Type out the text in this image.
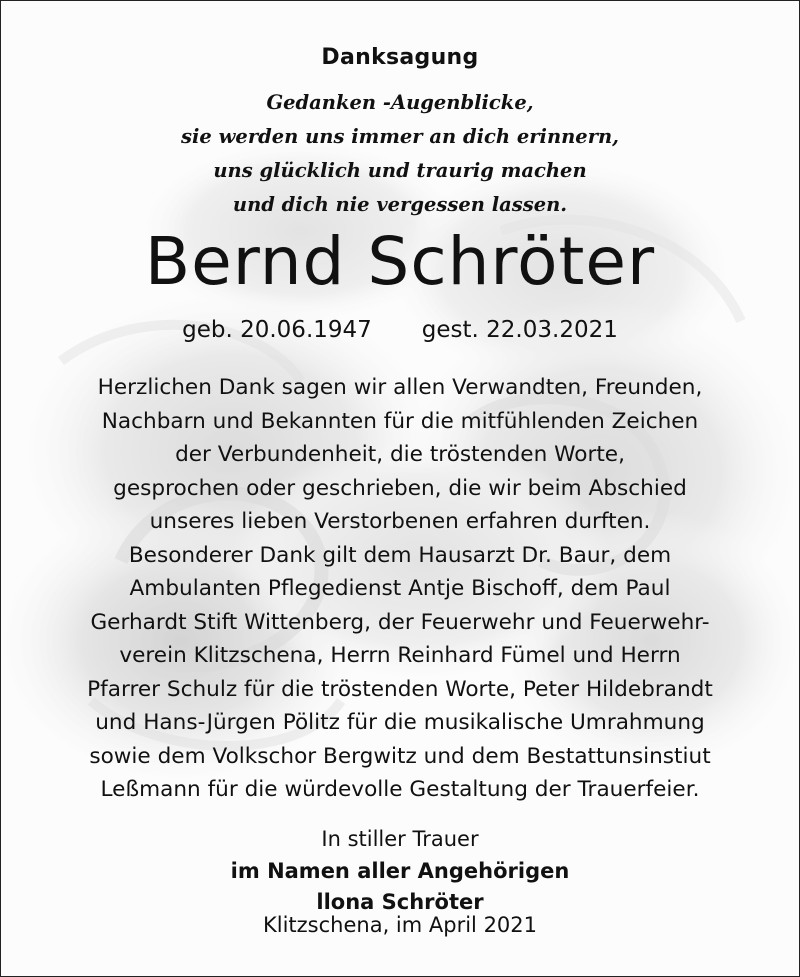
Danksagung
Gedanken -Augenblicke,
sie werden uns immer an dich erinnern,
uns glücklich und traurig machen
und dich nie vergessen lassen.
Bernd Schröter
geb. 20.06.1947 gest. 22.03.2021
Herzlichen Dank sagen wir allen Verwandten, Freunden,
Nachbarn und Bekannten für die mitfühlenden Zeichen
der Verbundenheit, die tröstenden Worte,
gesprochen oder geschrieben, die wir beim Abschied
unseres lieben Verstorbenen erfahren durften.
Besonderer Dank gilt dem Hausarzt Dr. Baur, dem
Ambulanten Pflegedienst Antje Bischoff, dem Paul
Gerhardt Stift Wittenberg, der Feuerwehr und Feuerwehr-
verein Klitzschena, Herrn Reinhard Fümel und Herrn
Pfarrer Schulz für die tröstenden Worte, Peter Hildebrandt
und Hans-Jürgen Pölitz für die musikalische Umrahmung
sowie dem Volkschor Bergwitz und dem Bestattunsinstiut
Leßmann für die würdevolle Gestaltung der Trauerfeier.
In stiller Trauer
im Namen aller Angehörigen
llona Schröter
Klitzschena, im April 2021
